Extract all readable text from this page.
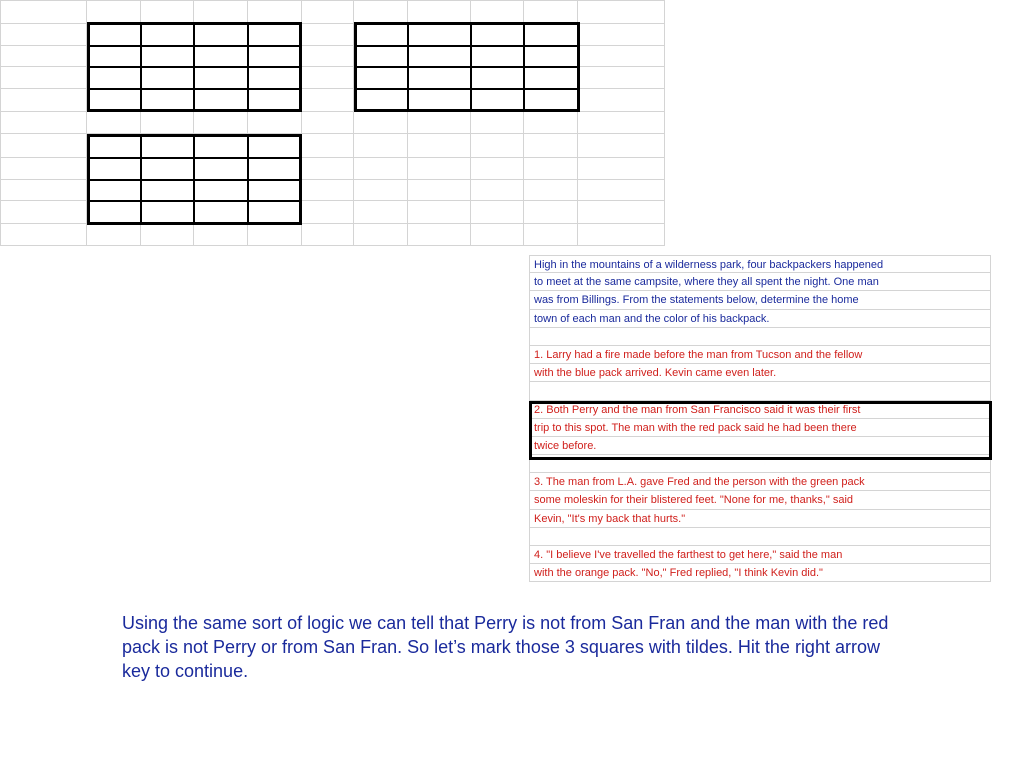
High in the mountains of a wilderness park, four backpackers happened
to meet at the same campsite, where they all spent the night. One man
was from Billings. From the statements below, determine the home
town of each man and the color of his backpack.
1. Larry had a fire made before the man from Tucson and the fellow
with the blue pack arrived. Kevin came even later.
2. Both Perry and the man from San Francisco said it was their first
trip to this spot. The man with the red pack said he had been there
twice before.
3. The man from L.A. gave Fred and the person with the green pack
some moleskin for their blistered feet. "None for me, thanks," said
Kevin, "It's my back that hurts."
4. "I believe I've travelled the farthest to get here," said the man
with the orange pack. "No," Fred replied, "I think Kevin did."
Using the same sort of logic we can tell that Perry is not from San Fran and the man with the red pack is not Perry or from San Fran. So let’s mark those 3 squares with tildes. Hit the right arrow key to continue.
